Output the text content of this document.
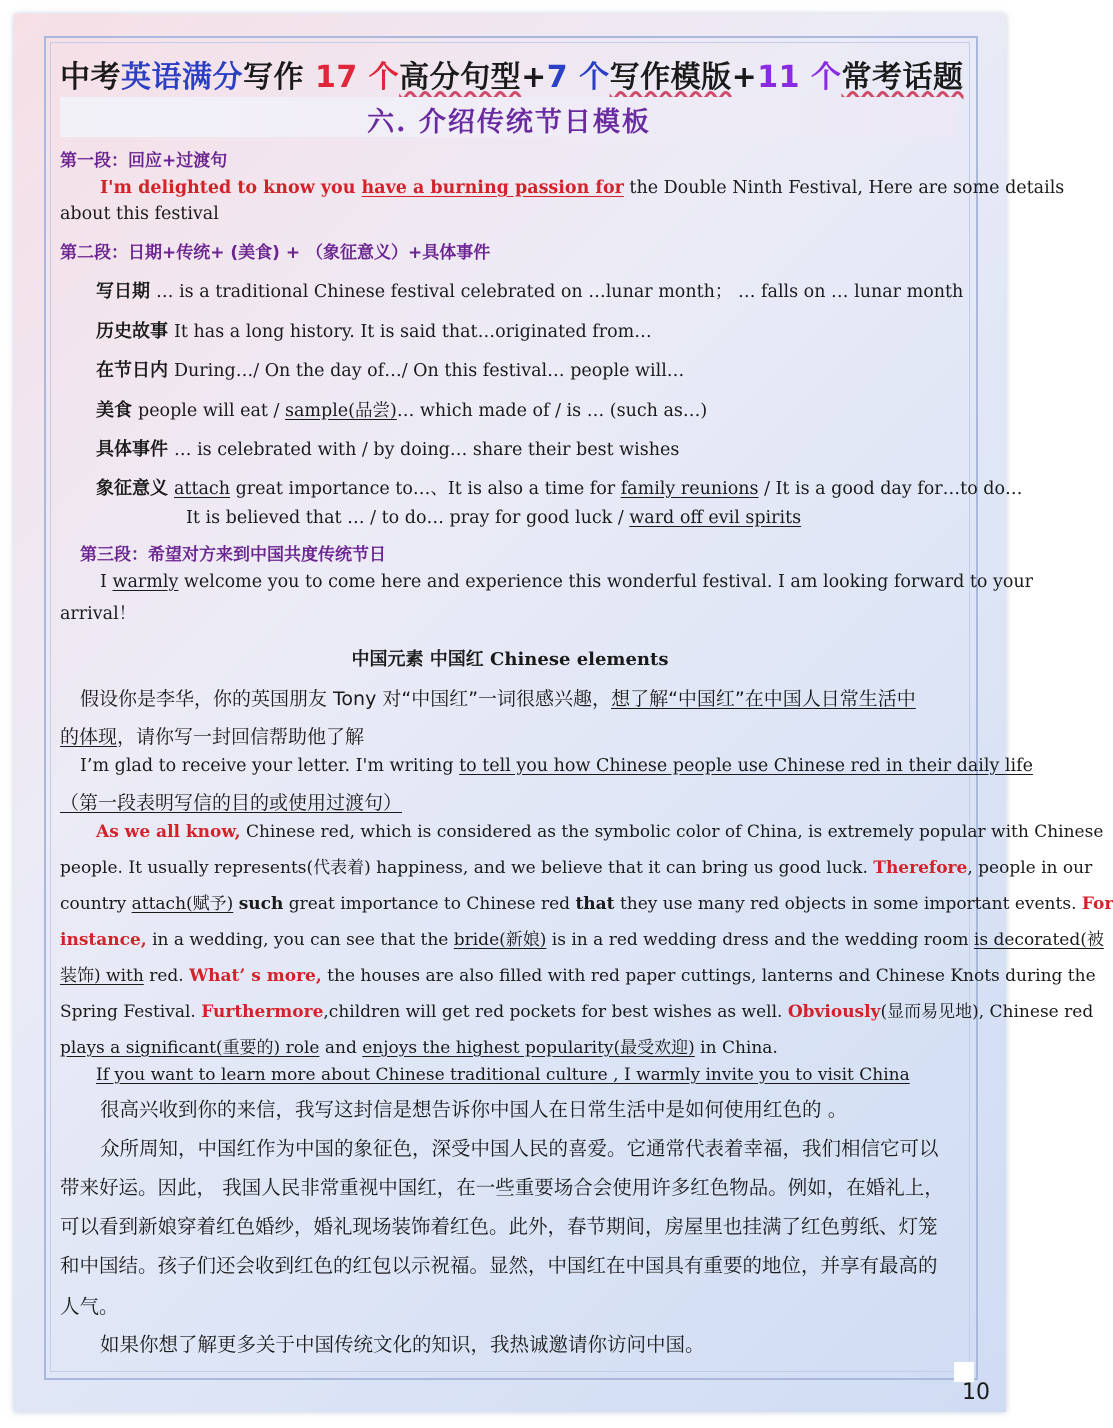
中考英语满分写作 17 个高分句型+7 个写作模版+11 个常考话题
六. 介绍传统节日模板
第一段：回应+过渡句
I'm delighted to know you have a burning passion for the Double Ninth Festival, Here are some details
about this festival
第二段：日期+传统+ (美食) + （象征意义）+具体事件
写日期 … is a traditional Chinese festival celebrated on …lunar month； … falls on … lunar month
历史故事 It has a long history. It is said that…originated from…
在节日内 During…/ On the day of…/ On this festival… people will…
美食 people will eat / sample(品尝)… which made of / is … (such as…)
具体事件 … is celebrated with / by doing… share their best wishes
象征意义 attach great importance to…、It is also a time for family reunions / It is a good day for…to do…
It is believed that … / to do… pray for good luck / ward off evil spirits
第三段：希望对方来到中国共度传统节日
I warmly welcome you to come here and experience this wonderful festival. I am looking forward to your
arrival！
中国元素 中国红 Chinese elements
假设你是李华，你的英国朋友 Tony 对“中国红”一词很感兴趣，想了解“中国红”在中国人日常生活中
的体现，请你写一封回信帮助他了解
I’m glad to receive your letter. I'm writing to tell you how Chinese people use Chinese red in their daily life
（第一段表明写信的目的或使用过渡句）
As we all know, Chinese red, which is considered as the symbolic color of China, is extremely popular with Chinese
people. It usually represents(代表着) happiness, and we believe that it can bring us good luck. Therefore, people in our
country attach(赋予) such great importance to Chinese red that they use many red objects in some important events. For
instance, in a wedding, you can see that the bride(新娘) is in a red wedding dress and the wedding room is decorated(被
装饰) with red. What’ s more, the houses are also filled with red paper cuttings, lanterns and Chinese Knots during the
Spring Festival. Furthermore,children will get red pockets for best wishes as well. Obviously(显而易见地), Chinese red
plays a significant(重要的) role and enjoys the highest popularity(最受欢迎) in China.
If you want to learn more about Chinese traditional culture , I warmly invite you to visit China
很高兴收到你的来信，我写这封信是想告诉你中国人在日常生活中是如何使用红色的 。
众所周知，中国红作为中国的象征色，深受中国人民的喜爱。它通常代表着幸福，我们相信它可以
带来好运。因此， 我国人民非常重视中国红，在一些重要场合会使用许多红色物品。例如，在婚礼上，
可以看到新娘穿着红色婚纱，婚礼现场装饰着红色。此外，春节期间，房屋里也挂满了红色剪纸、灯笼
和中国结。孩子们还会收到红色的红包以示祝福。显然，中国红在中国具有重要的地位，并享有最高的
人气。
如果你想了解更多关于中国传统文化的知识，我热诚邀请你访问中国。
10
